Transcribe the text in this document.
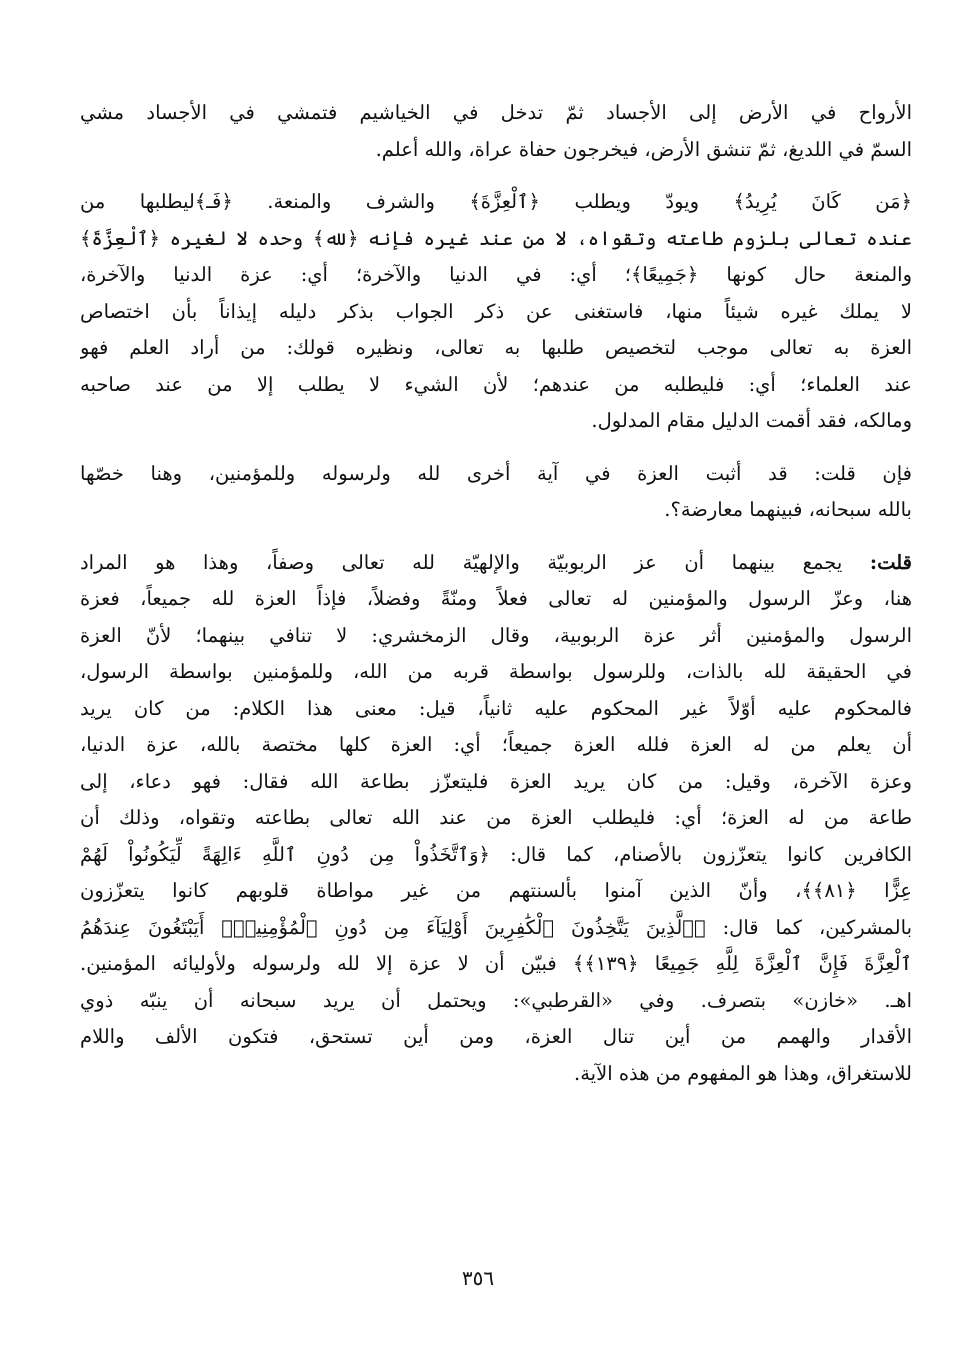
الأرواح في الأرض إلى الأجساد ثمّ تدخل في الخياشيم فتمشي في الأجساد مشي
السمّ في اللديغ، ثمّ تنشق الأرض، فيخرجون حفاة عراة، والله أعلم.
﴿مَن كَانَ يُرِيدُ﴾ ويودّ ويطلب ﴿ٱلْعِزَّةَ﴾ والشرف والمنعة. ﴿فَـ﴾ليطلبها من
عنده تعالى بلزوم طاعته وتقواه، لا من عند غيره فإنه ﴿لله﴾ وحده لا لغيره ﴿ٱلْعِزَّةَ﴾
والمنعة حال كونها ﴿جَمِيعًا﴾؛ أي: في الدنيا والآخرة؛ أي: عزة الدنيا والآخرة،
لا يملك غيره شيئاً منها، فاستغنى عن ذكر الجواب بذكر دليله إيذاناً بأن اختصاص
العزة به تعالى موجب لتخصيص طلبها به تعالى، ونظيره قولك: من أراد العلم فهو
عند العلماء؛ أي: فليطلبه من عندهم؛ لأن الشيء لا يطلب إلا من عند صاحبه
ومالكه، فقد أقمت الدليل مقام المدلول.
فإن قلت: قد أثبت العزة في آية أخرى لله ولرسوله وللمؤمنين، وهنا خصّها
بالله سبحانه، فبينهما معارضة؟.
قلت: يجمع بينهما أن عز الربوبيّة والإلهيّة لله تعالى وصفاً، وهذا هو المراد
هنا، وعزّ الرسول والمؤمنين له تعالى فعلاً ومنّةً وفضلاً، فإذاً العزة لله جميعاً، فعزة
الرسول والمؤمنين أثر عزة الربوبية، وقال الزمخشري: لا تنافي بينهما؛ لأنّ العزة
في الحقيقة لله بالذات، وللرسول بواسطة قربه من الله، وللمؤمنين بواسطة الرسول،
فالمحكوم عليه أوّلاً غير المحكوم عليه ثانياً، قيل: معنى هذا الكلام: من كان يريد
أن يعلم من له العزة فلله العزة جميعاً؛ أي: العزة كلها مختصة بالله، عزة الدنيا،
وعزة الآخرة، وقيل: من كان يريد العزة فليتعزّز بطاعة الله فقال: فهو دعاء، إلى
طاعة من له العزة؛ أي: فليطلب العزة من عند الله تعالى بطاعته وتقواه، وذلك أن
الكافرين كانوا يتعزّزون بالأصنام، كما قال: ﴿وَٱتَّخَذُواْ مِن دُونِ ٱللَّهِ ءَالِهَةً لِّيَكُونُواْ لَهُمْ
عِزًّا ﴿٨١﴾﴾، وأنّ الذين آمنوا بألسنتهم من غير مواطاة قلوبهم كانوا يتعزّزون
بالمشركين، كما قال: ﴿ٱلَّذِينَ يَتَّخِذُونَ ٱلْكَٰفِرِينَ أَوْلِيَآءَ مِن دُونِ ٱلْمُؤْمِنِينَۚ أَيَبْتَغُونَ عِندَهُمُ
ٱلْعِزَّةَ فَإِنَّ ٱلْعِزَّةَ لِلَّهِ جَمِيعًا ﴿١٣٩﴾﴾ فبيّن أن لا عزة إلا لله ولرسوله ولأوليائه المؤمنين.
اهـ. «خازن» بتصرف. وفي «القرطبي»: ويحتمل أن يريد سبحانه أن ينبّه ذوي
الأقدار والهمم من أين تنال العزة، ومن أين تستحق، فتكون الألف واللام
للاستغراق، وهذا هو المفهوم من هذه الآية.
٣٥٦
